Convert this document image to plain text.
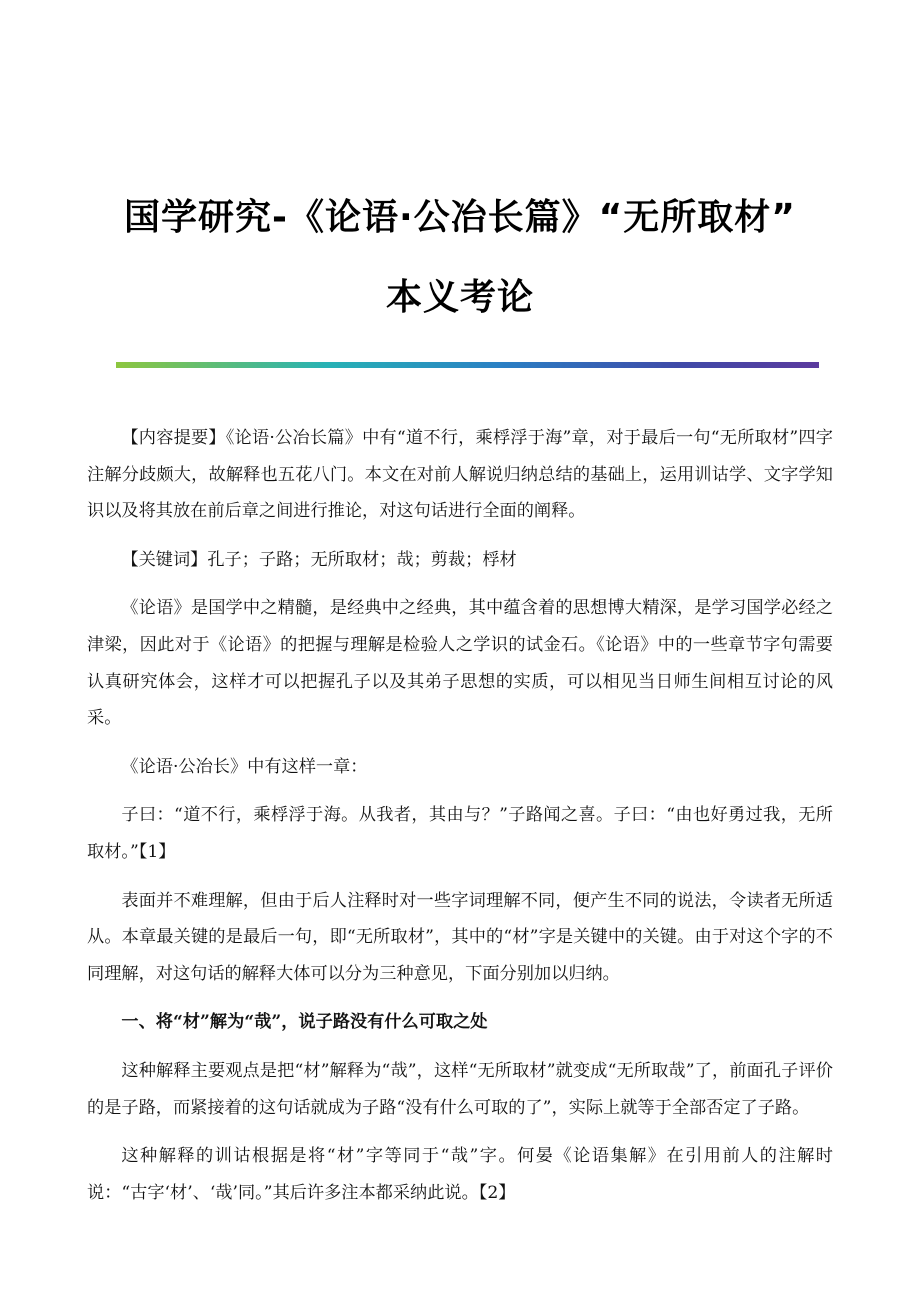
国学研究-《论语·公冶长篇》“无所取材”
本义考论

【内容提要】《论语·公冶长篇》中有“道不行，乘桴浮于海”章，对于最后一句“无所取材”四字注解分歧颇大，故解释也五花八门。本文在对前人解说归纳总结的基础上，运用训诂学、文字学知识以及将其放在前后章之间进行推论，对这句话进行全面的阐释。

【关键词】孔子；子路；无所取材；哉；剪裁；桴材

《论语》是国学中之精髓，是经典中之经典，其中蕴含着的思想博大精深，是学习国学必经之津梁，因此对于《论语》的把握与理解是检验人之学识的试金石。《论语》中的一些章节字句需要认真研究体会，这样才可以把握孔子以及其弟子思想的实质，可以相见当日师生间相互讨论的风采。

《论语·公冶长》中有这样一章：

子曰：“道不行，乘桴浮于海。从我者，其由与？”子路闻之喜。子曰：“由也好勇过我，无所取材。”【1】

表面并不难理解，但由于后人注释时对一些字词理解不同，便产生不同的说法，令读者无所适从。本章最关键的是最后一句，即“无所取材”，其中的“材”字是关键中的关键。由于对这个字的不同理解，对这句话的解释大体可以分为三种意见，下面分别加以归纳。

一、将“材”解为“哉”，说子路没有什么可取之处

这种解释主要观点是把“材”解释为“哉”，这样“无所取材”就变成“无所取哉”了，前面孔子评价的是子路，而紧接着的这句话就成为子路“没有什么可取的了”，实际上就等于全部否定了子路。

这种解释的训诂根据是将“材”字等同于“哉”字。何晏《论语集解》在引用前人的注解时说：“古字‘材’、‘哉’同。”其后许多注本都采纳此说。【2】
